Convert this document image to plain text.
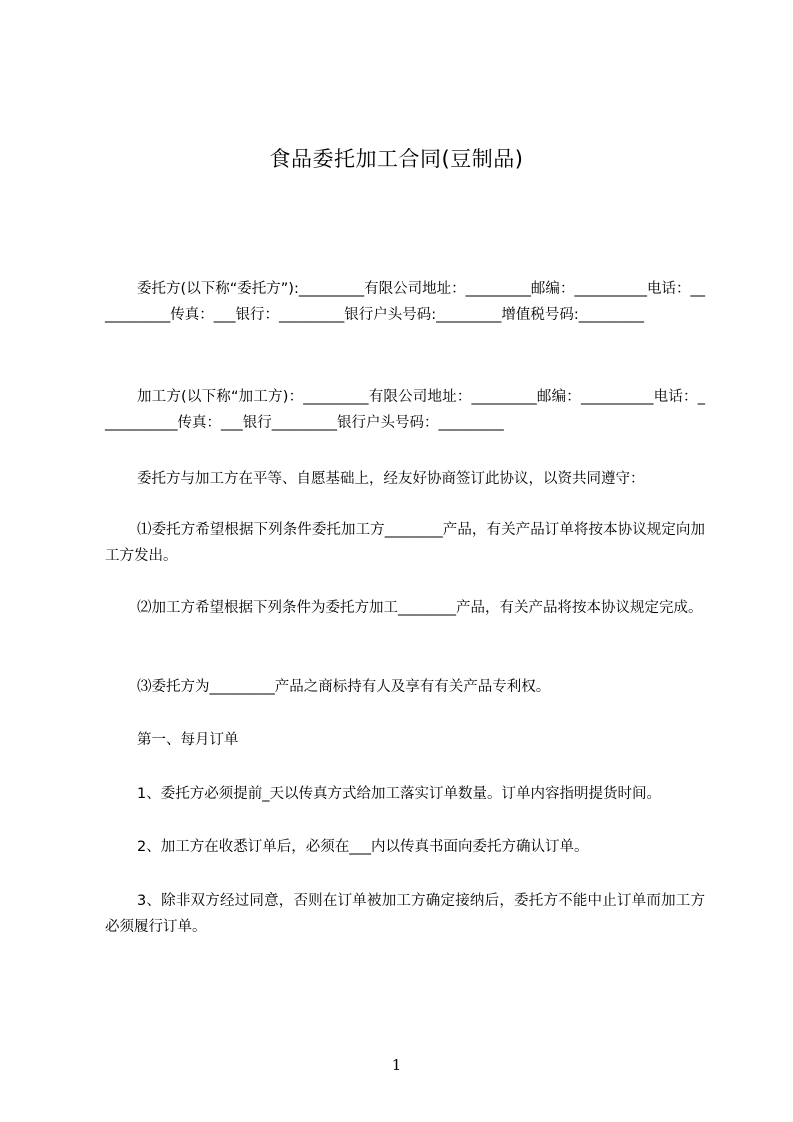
食品委托加工合同(豆制品)

委托方(以下称“委托方”):_________有限公司地址：_________邮编：__________电话：___________传真：___银行：_________银行户头号码:_________增值税号码:_________

加工方(以下称“加工方)：_________有限公司地址：_________邮编：__________电话：___________传真：___银行_________银行户头号码：_________

委托方与加工方在平等、自愿基础上，经友好协商签订此协议，以资共同遵守：

⑴委托方希望根据下列条件委托加工方________产品，有关产品订单将按本协议规定向加工方发出。

⑵加工方希望根据下列条件为委托方加工________产品，有关产品将按本协议规定完成。

⑶委托方为_________产品之商标持有人及享有有关产品专利权。

第一、每月订单

1、委托方必须提前_天以传真方式给加工落实订单数量。订单内容指明提货时间。

2、加工方在收悉订单后，必须在___内以传真书面向委托方确认订单。

3、除非双方经过同意，否则在订单被加工方确定接纳后，委托方不能中止订单而加工方必须履行订单。

1
